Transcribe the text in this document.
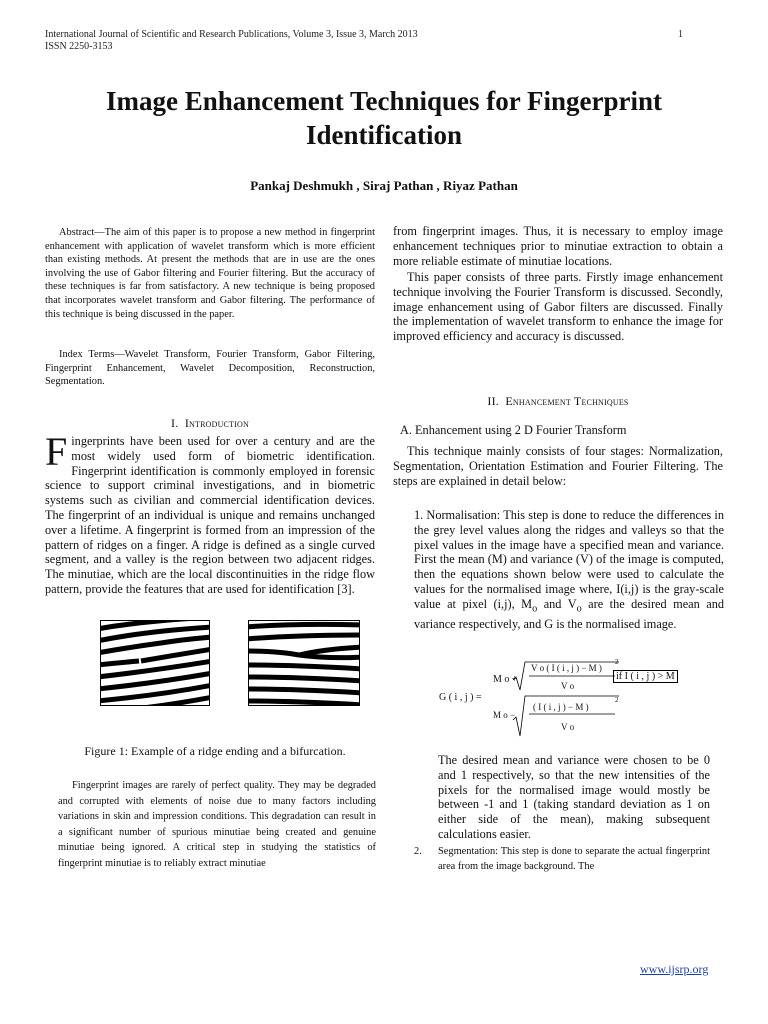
International Journal of Scientific and Research Publications, Volume 3, Issue 3, March 2013
ISSN 2250-3153
1
Image Enhancement Techniques for Fingerprint
Identification
Pankaj Deshmukh , Siraj Pathan , Riyaz Pathan

Abstract—The aim of this paper is to propose a new method in fingerprint enhancement with application of wavelet transform which is more efficient than existing methods. At present the methods that are in use are the ones involving the use of Gabor filtering and Fourier filtering. But the accuracy of these techniques is far from satisfactory. A new technique is being proposed that incorporates wavelet transform and Gabor filtering. The performance of this technique is being discussed in the paper.

Index Terms—Wavelet Transform, Fourier Transform, Gabor Filtering, Fingerprint Enhancement, Wavelet Decomposition, Reconstruction, Segmentation.

I. Introduction
Fingerprints have been used for over a century and are the most widely used form of biometric identification. Fingerprint identification is commonly employed in forensic science to support criminal investigations, and in biometric systems such as civilian and commercial identification devices. The fingerprint of an individual is unique and remains unchanged over a lifetime. A fingerprint is formed from an impression of the pattern of ridges on a finger. A ridge is defined as a single curved segment, and a valley is the region between two adjacent ridges. The minutiae, which are the local discontinuities in the ridge flow pattern, provide the features that are used for identification [3].
Figure 1: Example of a ridge ending and a bifurcation.

Fingerprint images are rarely of perfect quality. They may be degraded and corrupted with elements of noise due to many factors including variations in skin and impression conditions. This degradation can result in a significant number of spurious minutiae being created and genuine minutiae being ignored. A critical step in studying the statistics of fingerprint minutiae is to reliably extract minutiae

from fingerprint images. Thus, it is necessary to employ image enhancement techniques prior to minutiae extraction to obtain a more reliable estimate of minutiae locations.

This paper consists of three parts. Firstly image enhancement technique involving the Fourier Transform is discussed. Secondly, image enhancement using of Gabor filters are discussed. Finally the implementation of wavelet transform to enhance the image for improved efficiency and accuracy is discussed.

II. Enhancement Techniques
A. Enhancement using 2 D Fourier Transform

This technique mainly consists of four stages: Normalization, Segmentation, Orientation Estimation and Fourier Filtering. The steps are explained in detail below:

1. Normalisation: This step is done to reduce the differences in the grey level values along the ridges and valleys so that the pixel values in the image have a specified mean and variance. First the mean (M) and variance (V) of the image is computed, then the equations shown below were used to calculate the values for the normalised image where, I(i,j) is the gray-scale value at pixel (i,j), $M_o$ and $V_o$ are the desired mean and variance respectively, and G is the normalised image.
G ( i , j ) =
M o +
V o ( I ( i , j ) − M )
2
V o
if I ( i , j ) > M
M o −
( I ( i , j ) − M )
2
V o
The desired mean and variance were chosen to be 0 and 1 respectively, so that the new intensities of the pixels for the normalised image would mostly be between -1 and 1 (taking standard deviation as 1 on either side of the mean), making subsequent calculations easier.
2. Segmentation: This step is done to separate the actual fingerprint area from the image background. The
www.ijsrp.org
